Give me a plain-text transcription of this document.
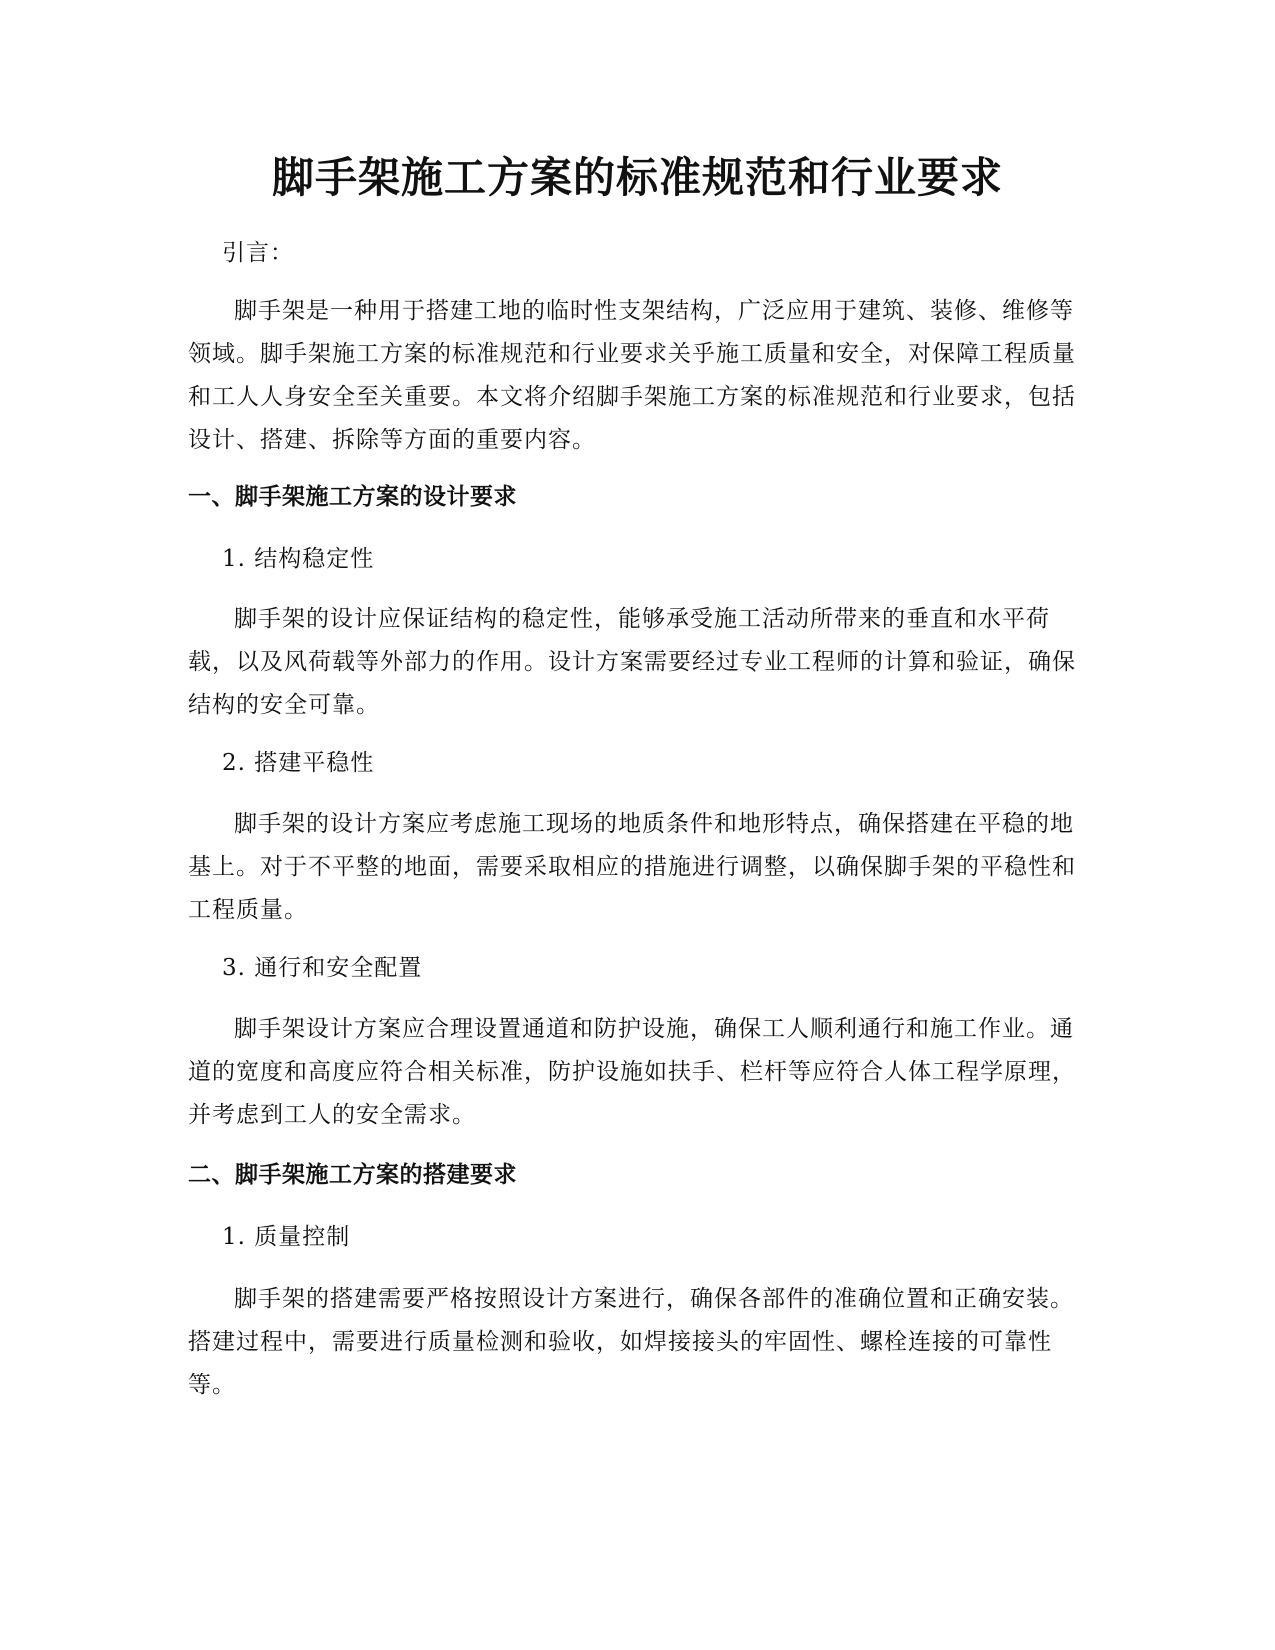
脚手架施工方案的标准规范和行业要求

引言：

脚手架是一种用于搭建工地的临时性支架结构，广泛应用于建筑、装修、维修等领域。脚手架施工方案的标准规范和行业要求关乎施工质量和安全，对保障工程质量和工人人身安全至关重要。本文将介绍脚手架施工方案的标准规范和行业要求，包括设计、搭建、拆除等方面的重要内容。

一、脚手架施工方案的设计要求

1. 结构稳定性

脚手架的设计应保证结构的稳定性，能够承受施工活动所带来的垂直和水平荷载，以及风荷载等外部力的作用。设计方案需要经过专业工程师的计算和验证，确保结构的安全可靠。

2. 搭建平稳性

脚手架的设计方案应考虑施工现场的地质条件和地形特点，确保搭建在平稳的地基上。对于不平整的地面，需要采取相应的措施进行调整，以确保脚手架的平稳性和工程质量。

3. 通行和安全配置

脚手架设计方案应合理设置通道和防护设施，确保工人顺利通行和施工作业。通道的宽度和高度应符合相关标准，防护设施如扶手、栏杆等应符合人体工程学原理，并考虑到工人的安全需求。

二、脚手架施工方案的搭建要求

1. 质量控制

脚手架的搭建需要严格按照设计方案进行，确保各部件的准确位置和正确安装。搭建过程中，需要进行质量检测和验收，如焊接接头的牢固性、螺栓连接的可靠性等。
